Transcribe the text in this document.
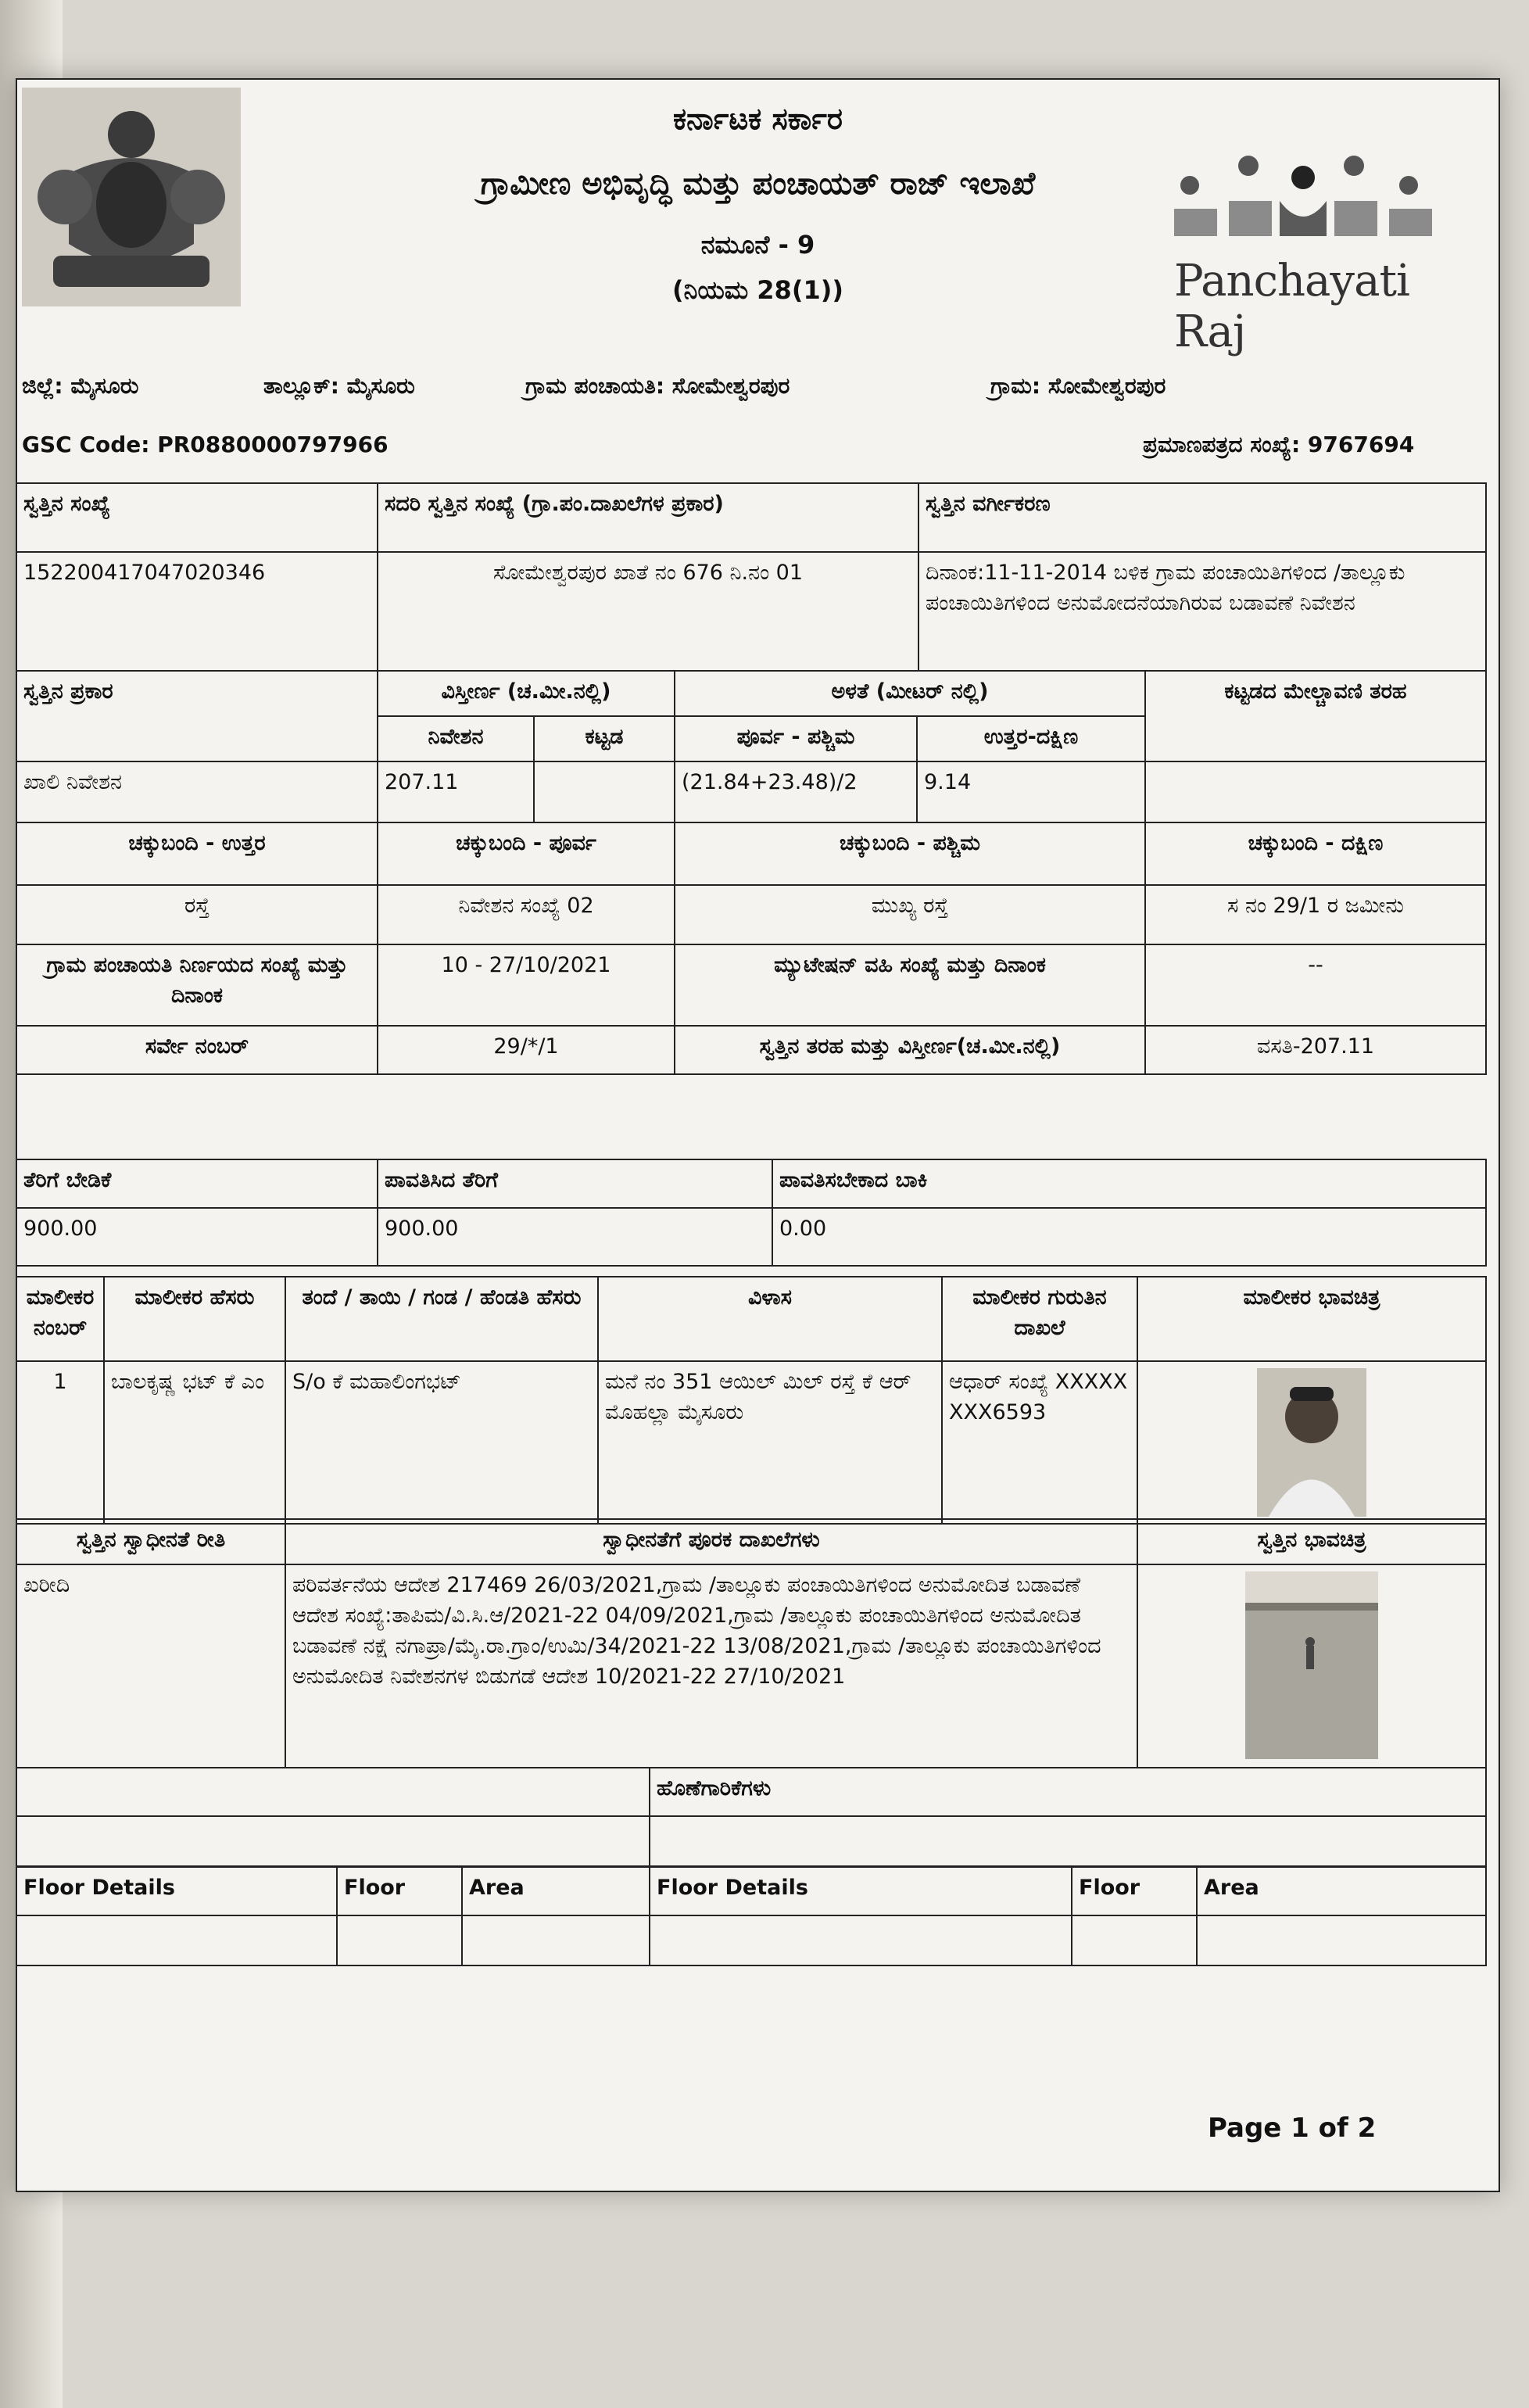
ಕರ್ನಾಟಕ ಸರ್ಕಾರ
ಗ್ರಾಮೀಣ ಅಭಿವೃದ್ಧಿ ಮತ್ತು ಪಂಚಾಯತ್ ರಾಜ್ ಇಲಾಖೆ
ನಮೂನೆ - 9
(ನಿಯಮ 28(1))	Panchayati Raj
ಜಿಲ್ಲೆ: ಮೈಸೂರು	ತಾಲ್ಲೂಕ್: ಮೈಸೂರು	ಗ್ರಾಮ ಪಂಚಾಯತಿ: ಸೋಮೇಶ್ವರಪುರ	ಗ್ರಾಮ: ಸೋಮೇಶ್ವರಪುರ
GSC Code: PR0880000797966	ಪ್ರಮಾಣಪತ್ರದ ಸಂಖ್ಯೆ: 9767694
ಸ್ವತ್ತಿನ ಸಂಖ್ಯೆ	ಸದರಿ ಸ್ವತ್ತಿನ ಸಂಖ್ಯೆ (ಗ್ರಾ.ಪಂ.ದಾಖಲೆಗಳ ಪ್ರಕಾರ)	ಸ್ವತ್ತಿನ ವರ್ಗೀಕರಣ
152200417047020346	ಸೋಮೇಶ್ವರಪುರ ಖಾತೆ ನಂ 676 ನಿ.ನಂ 01	ದಿನಾಂಕ:11-11-2014 ಬಳಿಕ ಗ್ರಾಮ ಪಂಚಾಯಿತಿಗಳಿಂದ /ತಾಲ್ಲೂಕು ಪಂಚಾಯಿತಿಗಳಿಂದ ಅನುಮೋದನೆಯಾಗಿರುವ ಬಡಾವಣೆ ನಿವೇಶನ
ಸ್ವತ್ತಿನ ಪ್ರಕಾರ	ವಿಸ್ತೀರ್ಣ (ಚ.ಮೀ.ನಲ್ಲಿ)		ಅಳತೆ (ಮೀಟರ್ ನಲ್ಲಿ)		ಕಟ್ಟಡದ ಮೇಲ್ಚಾವಣಿ ತರಹ
	ನಿವೇಶನ	ಕಟ್ಟಡ	ಪೂರ್ವ - ಪಶ್ಚಿಮ	ಉತ್ತರ-ದಕ್ಷಿಣ	
ಖಾಲಿ ನಿವೇಶನ	207.11		(21.84+23.48)/2	9.14	
ಚಕ್ಕುಬಂದಿ - ಉತ್ತರ	ಚಕ್ಕುಬಂದಿ - ಪೂರ್ವ		ಚಕ್ಕುಬಂದಿ - ಪಶ್ಚಿಮ		ಚಕ್ಕುಬಂದಿ - ದಕ್ಷಿಣ
ರಸ್ತೆ	ನಿವೇಶನ ಸಂಖ್ಯೆ 02		ಮುಖ್ಯ ರಸ್ತೆ		ಸ ನಂ 29/1 ರ ಜಮೀನು
ಗ್ರಾಮ ಪಂಚಾಯತಿ ನಿರ್ಣಯದ ಸಂಖ್ಯೆ ಮತ್ತು ದಿನಾಂಕ	10 - 27/10/2021		ಮ್ಯುಟೇಷನ್ ವಹಿ ಸಂಖ್ಯೆ ಮತ್ತು ದಿನಾಂಕ		--
ಸರ್ವೇ ನಂಬರ್	29/*/1		ಸ್ವತ್ತಿನ ತರಹ ಮತ್ತು ವಿಸ್ತೀರ್ಣ(ಚ.ಮೀ.ನಲ್ಲಿ)		ವಸತಿ-207.11
ತೆರಿಗೆ ಬೇಡಿಕೆ	ಪಾವತಿಸಿದ ತೆರಿಗೆ	ಪಾವತಿಸಬೇಕಾದ ಬಾಕಿ
900.00	900.00	0.00
ಮಾಲೀಕರ ನಂಬರ್	ಮಾಲೀಕರ ಹೆಸರು	ತಂದೆ / ತಾಯಿ / ಗಂಡ / ಹೆಂಡತಿ ಹೆಸರು	ವಿಳಾಸ	ಮಾಲೀಕರ ಗುರುತಿನ ದಾಖಲೆ	ಮಾಲೀಕರ ಭಾವಚಿತ್ರ
1	ಬಾಲಕೃಷ್ಣ ಭಟ್ ಕೆ ಎಂ	S/o ಕೆ ಮಹಾಲಿಂಗಭಟ್	ಮನೆ ನಂ 351 ಆಯಿಲ್ ಮಿಲ್ ರಸ್ತೆ ಕೆ ಆರ್ ಮೊಹಲ್ಲಾ ಮೈಸೂರು	ಆಧಾರ್ ಸಂಖ್ಯೆ XXXXXXXX6593	
ಸ್ವತ್ತಿನ ಸ್ವಾಧೀನತೆ ರೀತಿ	ಸ್ವಾಧೀನತೆಗೆ ಪೂರಕ ದಾಖಲೆಗಳು	ಸ್ವತ್ತಿನ ಭಾವಚಿತ್ರ
ಖರೀದಿ	ಪರಿವರ್ತನೆಯ ಆದೇಶ 217469 26/03/2021,ಗ್ರಾಮ /ತಾಲ್ಲೂಕು ಪಂಚಾಯಿತಿಗಳಿಂದ ಅನುಮೋದಿತ ಬಡಾವಣೆ ಆದೇಶ ಸಂಖ್ಯೆ:ತಾಪಿಮ/ವಿ.ಸಿ.ಆ/2021-22 04/09/2021,ಗ್ರಾಮ /ತಾಲ್ಲೂಕು ಪಂಚಾಯಿತಿಗಳಿಂದ ಅನುಮೋದಿತ ಬಡಾವಣೆ ನಕ್ಷೆ ನಗಾಪ್ರಾ/ಮೈ.ರಾ.ಗ್ರಾಂ/ಉಮಿ/34/2021-22 13/08/2021,ಗ್ರಾಮ /ತಾಲ್ಲೂಕು ಪಂಚಾಯಿತಿಗಳಿಂದ ಅನುಮೋದಿತ ನಿವೇಶನಗಳ ಬಿಡುಗಡೆ ಆದೇಶ 10/2021-22 27/10/2021	
	ಹೊಣೆಗಾರಿಕೆಗಳು

Floor Details	Floor	Area	Floor Details	Floor	Area

Page 1 of 2
